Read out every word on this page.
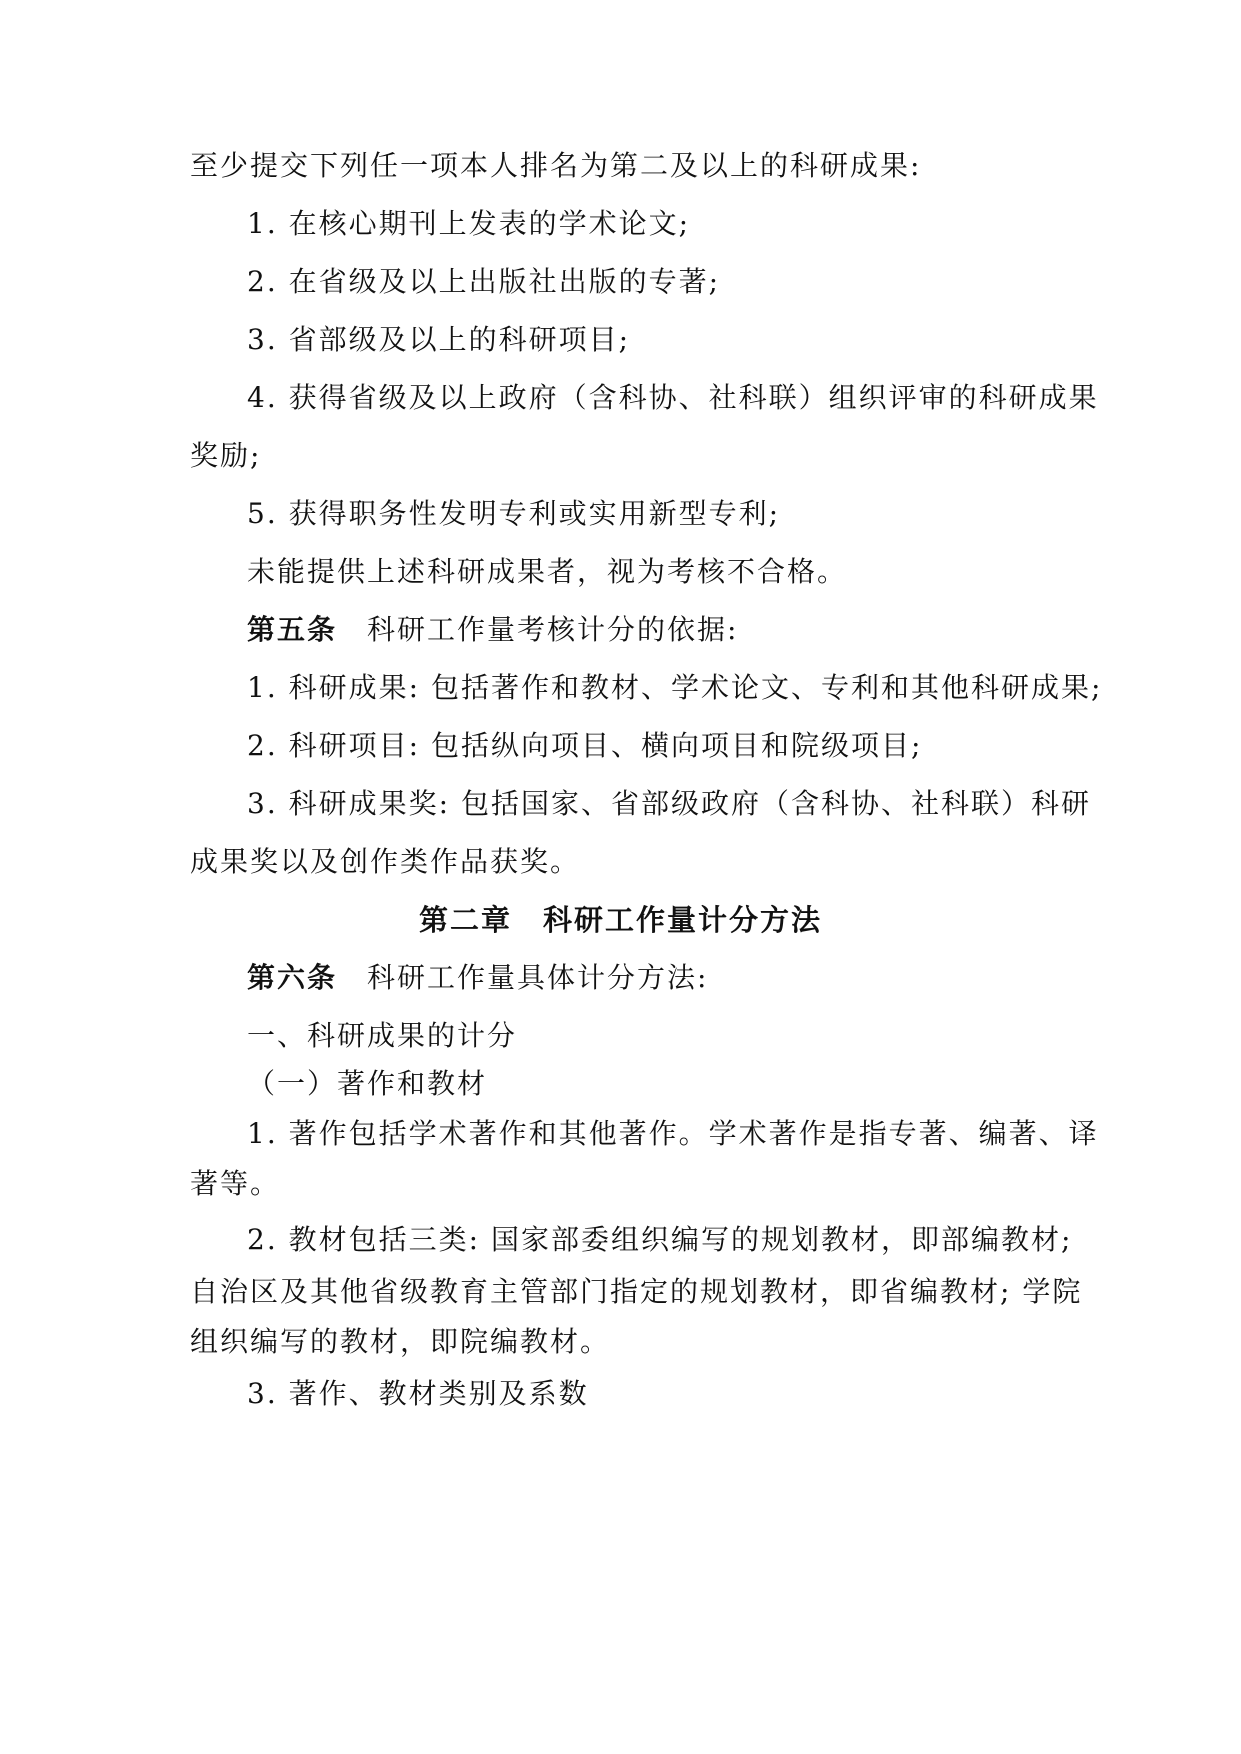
至少提交下列任一项本人排名为第二及以上的科研成果:
1. 在核心期刊上发表的学术论文;
2. 在省级及以上出版社出版的专著;
3. 省部级及以上的科研项目;
4. 获得省级及以上政府（含科协、社科联）组织评审的科研成果
奖励;
5. 获得职务性发明专利或实用新型专利;
未能提供上述科研成果者，视为考核不合格。
第五条 科研工作量考核计分的依据:
1. 科研成果: 包括著作和教材、学术论文、专利和其他科研成果;
2. 科研项目: 包括纵向项目、横向项目和院级项目;
3. 科研成果奖: 包括国家、省部级政府（含科协、社科联）科研
成果奖以及创作类作品获奖。
第二章　科研工作量计分方法
第六条 科研工作量具体计分方法:
一、科研成果的计分
（一）著作和教材
1. 著作包括学术著作和其他著作。学术著作是指专著、编著、译
著等。
2. 教材包括三类: 国家部委组织编写的规划教材，即部编教材;
自治区及其他省级教育主管部门指定的规划教材，即省编教材; 学院
组织编写的教材，即院编教材。
3. 著作、教材类别及系数
